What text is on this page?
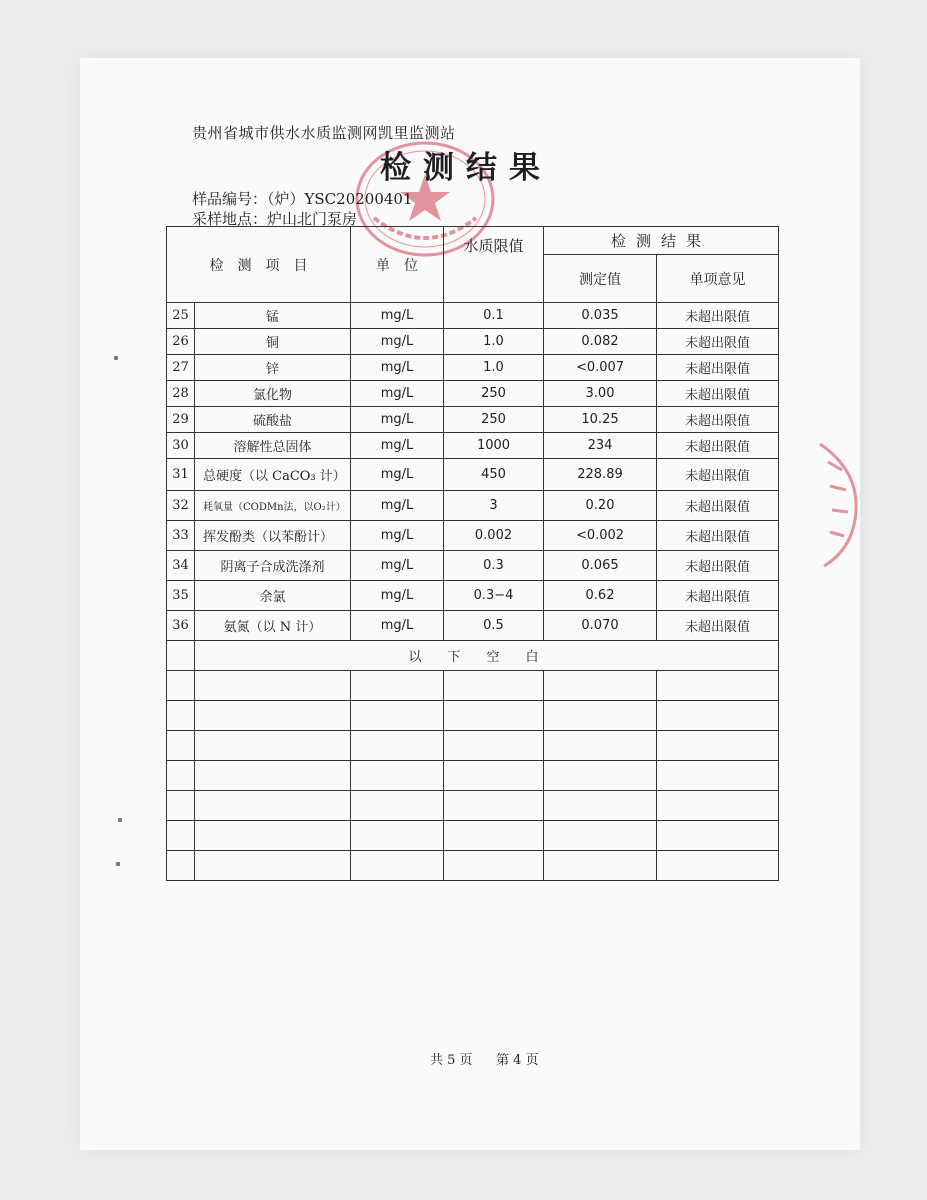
贵州省城市供水水质监测网凯里监测站
检测结果
样品编号：（炉）YSC20200401
采样地点：炉山北门泵房
检　测　项　目		单　位	水质限值	检测结果	
				测定值	单项意见
25	锰	mg/L	0.1	0.035	未超出限值
26	铜	mg/L	1.0	0.082	未超出限值
27	锌	mg/L	1.0	<0.007	未超出限值
28	氯化物	mg/L	250	3.00	未超出限值
29	硫酸盐	mg/L	250	10.25	未超出限值
30	溶解性总固体	mg/L	1000	234	未超出限值
31	总硬度（以 CaCO₃ 计）	mg/L	450	228.89	未超出限值
32	耗氧量（CODMn法，以O₂计）	mg/L	3	0.20	未超出限值
33	挥发酚类（以苯酚计）	mg/L	0.002	<0.002	未超出限值
34	阴离子合成洗涤剂	mg/L	0.3	0.065	未超出限值
35	余氯	mg/L	0.3−4	0.62	未超出限值
36	氨氮（以 N 计）	mg/L	0.5	0.070	未超出限值
	以下空白				

共 5 页 第 4 页
